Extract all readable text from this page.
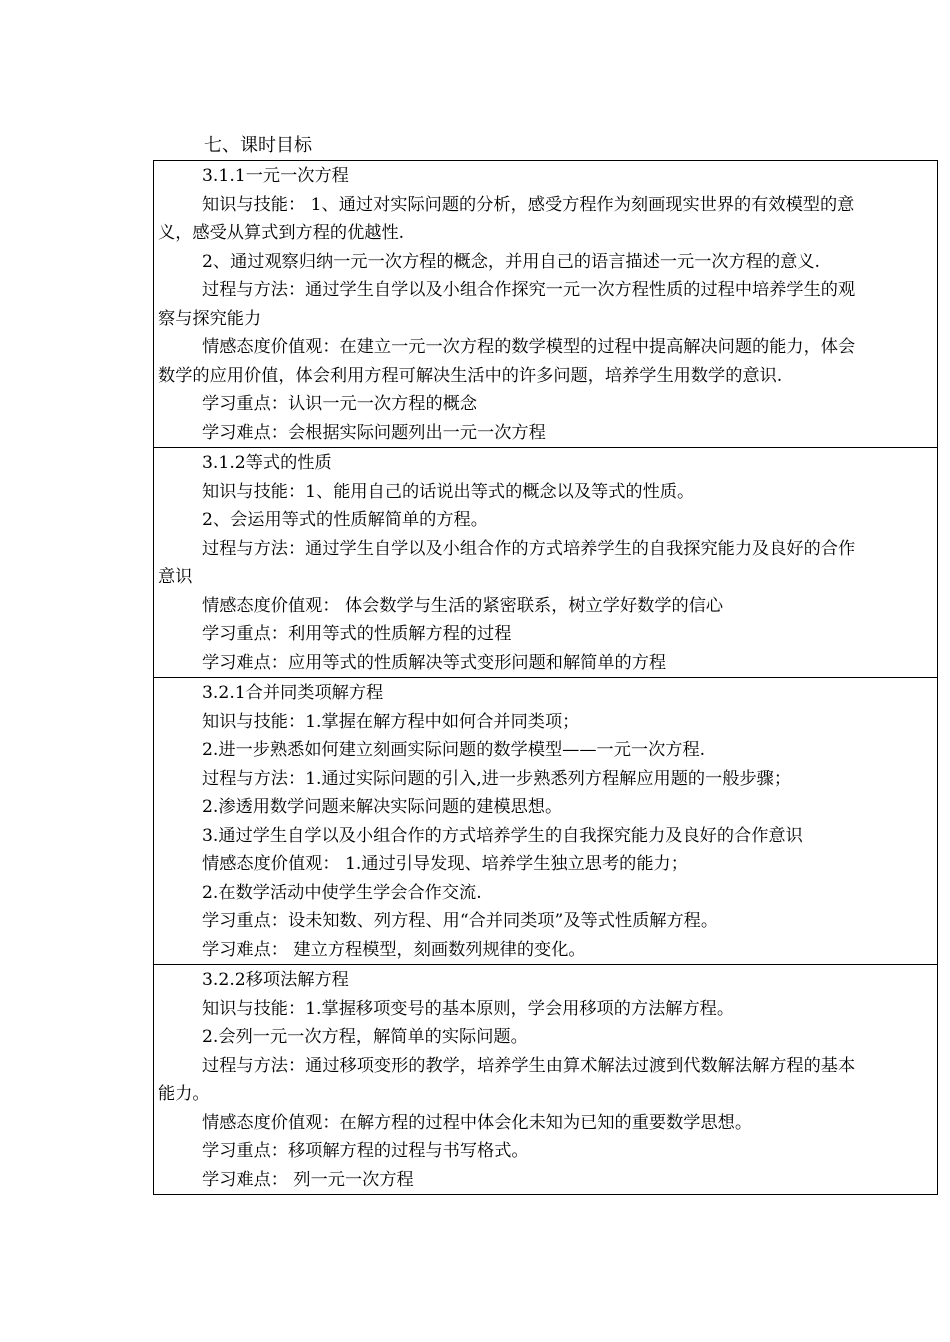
七、课时目标

3.1.1一元一次方程

知识与技能： 1、通过对实际问题的分析，感受方程作为刻画现实世界的有效模型的意

义，感受从算式到方程的优越性.

2、通过观察归纳一元一次方程的概念，并用自己的语言描述一元一次方程的意义.

过程与方法：通过学生自学以及小组合作探究一元一次方程性质的过程中培养学生的观

察与探究能力

情感态度价值观：在建立一元一次方程的数学模型的过程中提高解决问题的能力，体会

数学的应用价值，体会利用方程可解决生活中的许多问题，培养学生用数学的意识.

学习重点：认识一元一次方程的概念

学习难点：会根据实际问题列出一元一次方程

3.1.2等式的性质

知识与技能：1、能用自己的话说出等式的概念以及等式的性质。

2、会运用等式的性质解简单的方程。

过程与方法：通过学生自学以及小组合作的方式培养学生的自我探究能力及良好的合作

意识

情感态度价值观： 体会数学与生活的紧密联系，树立学好数学的信心

学习重点：利用等式的性质解方程的过程

学习难点：应用等式的性质解决等式变形问题和解简单的方程

3.2.1合并同类项解方程

知识与技能：1.掌握在解方程中如何合并同类项；

2.进一步熟悉如何建立刻画实际问题的数学模型——一元一次方程.

过程与方法：1.通过实际问题的引入,进一步熟悉列方程解应用题的一般步骤；

2.渗透用数学问题来解决实际问题的建模思想。

3.通过学生自学以及小组合作的方式培养学生的自我探究能力及良好的合作意识

情感态度价值观： 1.通过引导发现、培养学生独立思考的能力；

2.在数学活动中使学生学会合作交流.

学习重点：设未知数、列方程、用“合并同类项”及等式性质解方程。

学习难点： 建立方程模型，刻画数列规律的变化。

3.2.2移项法解方程

知识与技能：1.掌握移项变号的基本原则，学会用移项的方法解方程。

2.会列一元一次方程，解简单的实际问题。

过程与方法：通过移项变形的教学，培养学生由算术解法过渡到代数解法解方程的基本

能力。

情感态度价值观：在解方程的过程中体会化未知为已知的重要数学思想。

学习重点：移项解方程的过程与书写格式。

学习难点： 列一元一次方程
